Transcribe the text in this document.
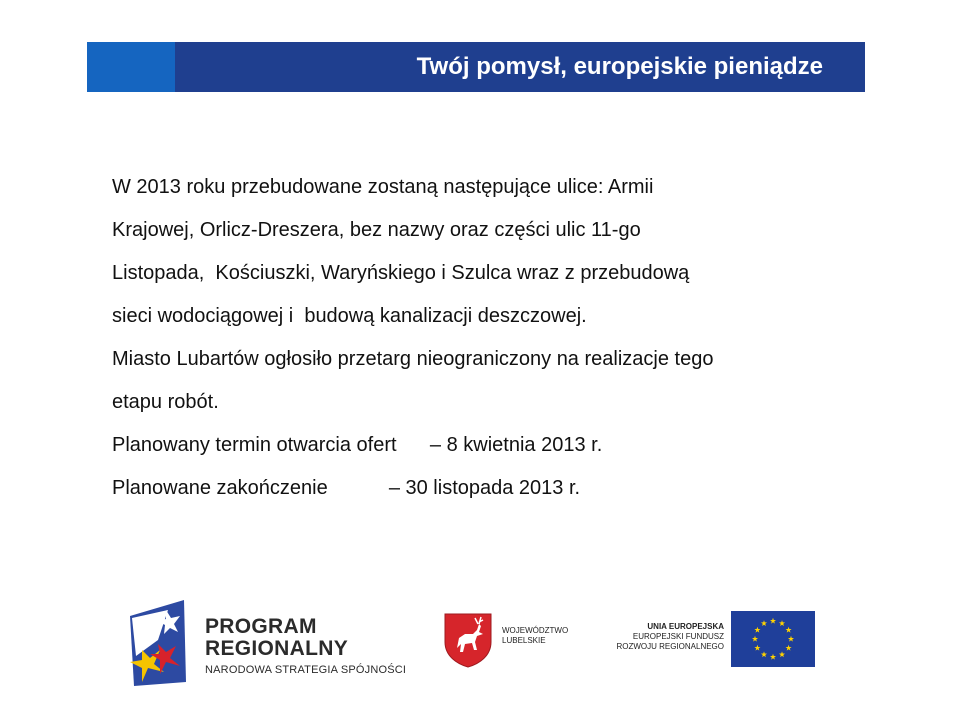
Twój pomysł, europejskie pieniądze

W 2013 roku przebudowane zostaną następujące ulice: Armii

Krajowej, Orlicz-Dreszera, bez nazwy oraz części ulic 11-go

Listopada,  Kościuszki, Waryńskiego i Szulca wraz z przebudową

sieci wodociągowej i  budową kanalizacji deszczowej.

Miasto Lubartów ogłosiło przetarg nieograniczony na realizacje tego

etapu robót.

Planowany termin otwarcia ofert      – 8 kwietnia 2013 r.

Planowane zakończenie           – 30 listopada 2013 r.

PROGRAM
REGIONALNY
NARODOWA STRATEGIA SPÓJNOŚCI
WOJEWÓDZTWO
LUBELSKIE
UNIA EUROPEJSKA
EUROPEJSKI FUNDUSZ
ROZWOJU REGIONALNEGO
